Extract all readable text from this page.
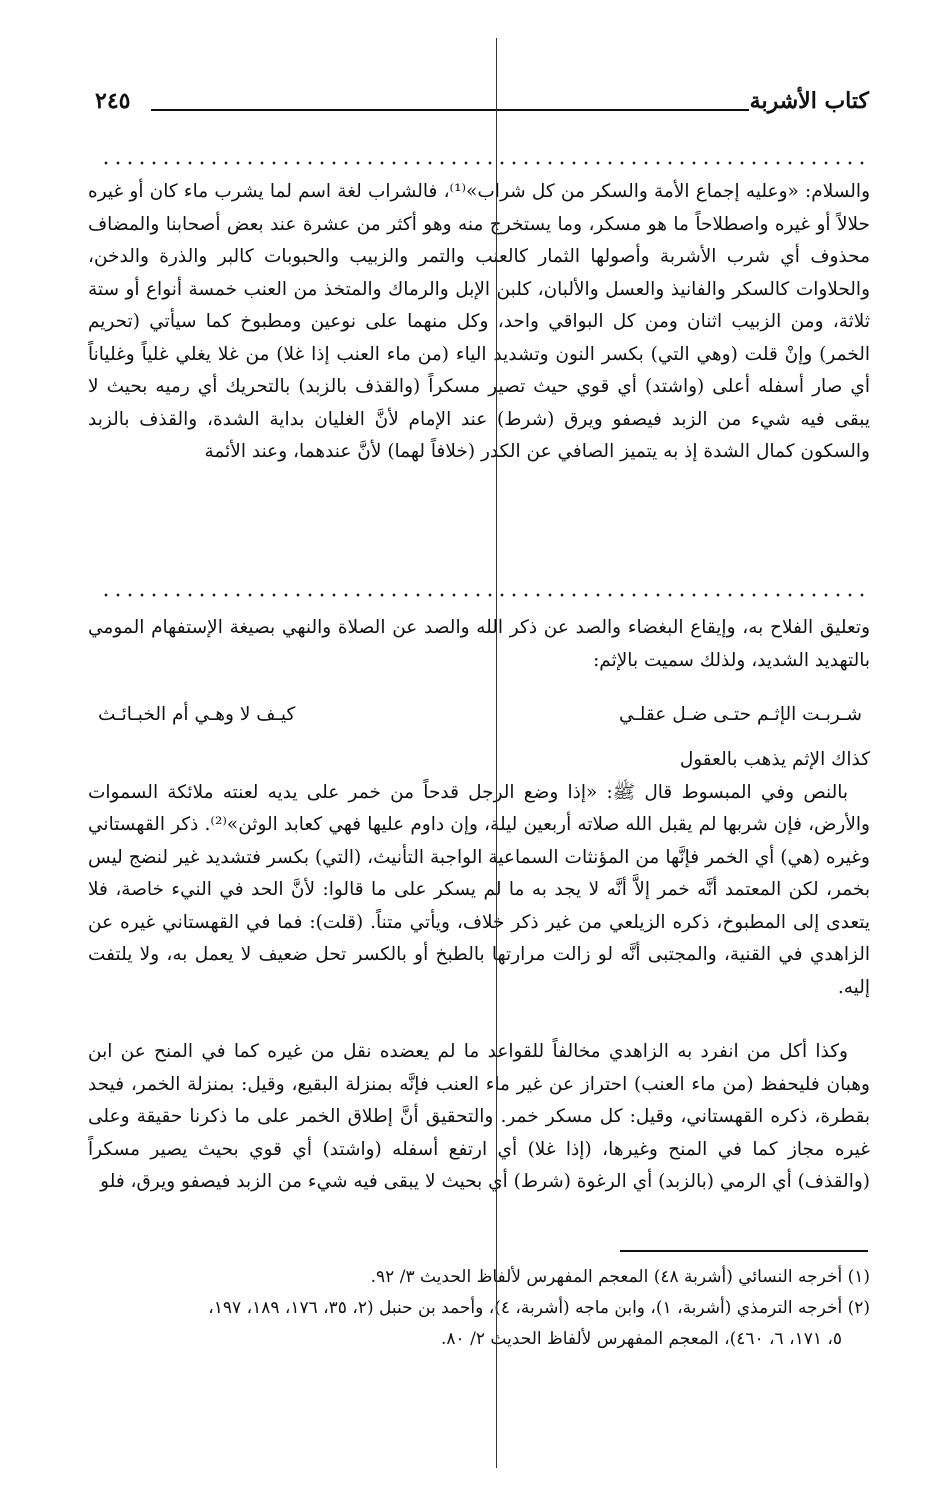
كتاب الأشربة
٢٤٥

والسلام: «وعليه إجماع الأمة والسكر من كل شراب»⁽¹⁾، فالشراب لغة اسم لما يشرب ماء كان أو غيره حلالاً أو غيره واصطلاحاً ما هو مسكر، وما يستخرج منه وهو أكثر من عشرة عند بعض أصحابنا والمضاف محذوف أي شرب الأشربة وأصولها الثمار كالعنب والتمر والزبيب والحبوبات كالبر والذرة والدخن، والحلاوات كالسكر والفانيذ والعسل والألبان، كلبن الإبل والرماك والمتخذ من العنب خمسة أنواع أو ستة ثلاثة، ومن الزبيب اثنان ومن كل البواقي واحد، وكل منهما على نوعين ومطبوخ كما سيأتي (تحريم الخمر) وإنْ قلت (وهي التي) بكسر النون وتشديد الياء (من ماء العنب إذا غلا) من غلا يغلي غلياً وغلياناً أي صار أسفله أعلى (واشتد) أي قوي حيث تصير مسكراً (والقذف بالزبد) بالتحريك أي رميه بحيث لا يبقى فيه شيء من الزبد فيصفو ويرق (شرط) عند الإمام لأنَّ الغليان بداية الشدة، والقذف بالزبد والسكون كمال الشدة إذ به يتميز الصافي عن الكدر (خلافاً لهما) لأنَّ عندهما، وعند الأئمة

وتعليق الفلاح به، وإيقاع البغضاء والصد عن ذكر الله والصد عن الصلاة والنهي بصيغة الإستفهام المومي بالتهديد الشديد، ولذلك سميت بالإثم:

شـربـت الإثـم حتـى ضـل عقلـي
كيـف لا وهـي أم الخبـائـث

كذاك الإثم يذهب بالعقول

بالنص وفي المبسوط قال ﷺ: «إذا وضع الرجل قدحاً من خمر على يديه لعنته ملائكة السموات والأرض، فإن شربها لم يقبل الله صلاته أربعين ليلة، وإن داوم عليها فهي كعابد الوثن»⁽²⁾. ذكر القهستاني وغيره (هي) أي الخمر فإنَّها من المؤنثات السماعية الواجبة التأنيث، (التي) بكسر فتشديد غير لنضج ليس بخمر، لكن المعتمد أنَّه خمر إلاَّ أنَّه لا يجد به ما لم يسكر على ما قالوا: لأنَّ الحد في النيء خاصة، فلا يتعدى إلى المطبوخ، ذكره الزيلعي من غير ذكر خلاف، ويأتي متناً. (قلت): فما في القهستاني غيره عن الزاهدي في القنية، والمجتبى أنَّه لو زالت مرارتها بالطبخ أو بالكسر تحل ضعيف لا يعمل به، ولا يلتفت إليه.

وكذا أكل من انفرد به الزاهدي مخالفاً للقواعد ما لم يعضده نقل من غيره كما في المنح عن ابن وهبان فليحفظ (من ماء العنب) احتراز عن غير ماء العنب فإنَّه بمنزلة البقيع، وقيل: بمنزلة الخمر، فيحد بقطرة، ذكره القهستاني، وقيل: كل مسكر خمر. والتحقيق أنَّ إطلاق الخمر على ما ذكرنا حقيقة وعلى غيره مجاز كما في المنح وغيرها، (إذا غلا) أي ارتفع أسفله (واشتد) أي قوي بحيث يصير مسكراً (والقذف) أي الرمي (بالزبد) أي الرغوة (شرط) أي بحيث لا يبقى فيه شيء من الزبد فيصفو ويرق، فلو

(١) أخرجه النسائي (أشربة ٤٨) المعجم المفهرس لألفاظ الحديث ٣/ ٩٢.

(٢) أخرجه الترمذي (أشربة، ١)، وابن ماجه (أشربة، ٤)، وأحمد بن حنبل (٢، ٣٥، ١٧٦، ١٨٩، ١٩٧،

٥، ١٧١، ٦، ٤٦٠)، المعجم المفهرس لألفاظ الحديث ٢/ ٨٠.
